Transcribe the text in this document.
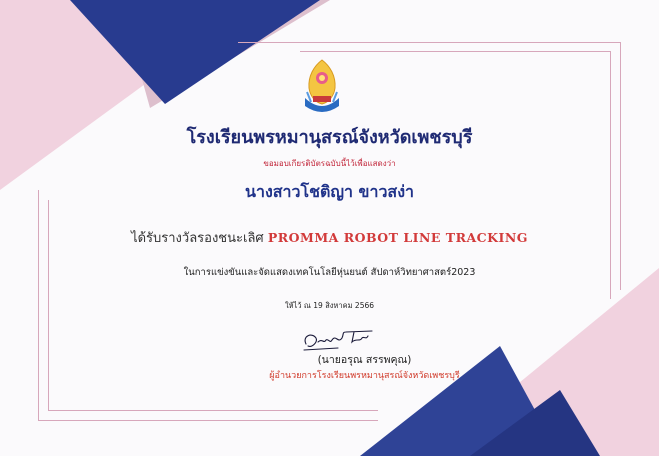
โรงเรียนพรหมานุสรณ์จังหวัดเพชรบุรี
ขอมอบเกียรติบัตรฉบับนี้ไว้เพื่อแสดงว่า
นางสาวโชติญา ขาวสง่า
ได้รับรางวัลรองชนะเลิศ PROMMA ROBOT LINE TRACKING
ในการแข่งขันและจัดแสดงเทคโนโลยีหุ่นยนต์ สัปดาห์วิทยาศาสตร์2023
ให้ไว้ ณ 19 สิงหาคม 2566
(นายอรุณ สรรพคุณ)
ผู้อำนวยการโรงเรียนพรหมานุสรณ์จังหวัดเพชรบุรี
